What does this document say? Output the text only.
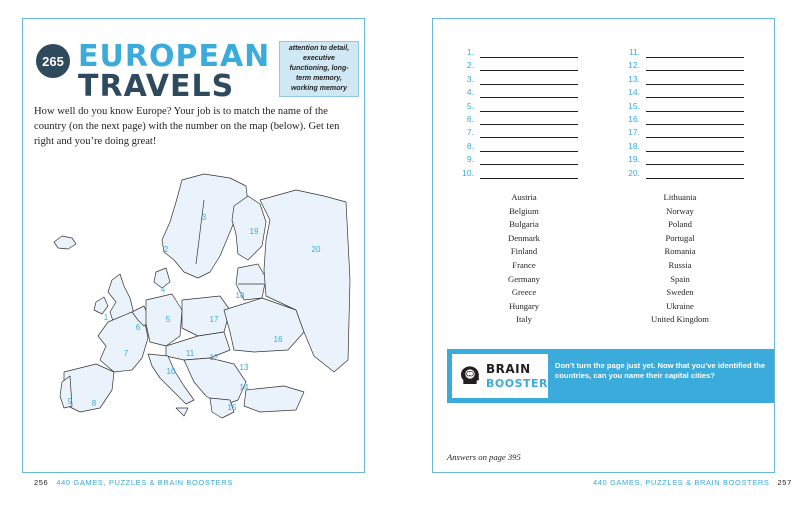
265 EUROPEAN
TRAVELS
attention to detail, executive functioning, long-term memory, working memory

How well do you know Europe? Your job is to match the name of the country (on the next page) with the number on the map (below). Get ten right and you’re doing great!

1
2
3
4
5
6
7
8
9
10
11 12
13
14
15
16
17
18
19
20
256 440 GAMES, PUZZLES & BRAIN BOOSTERS
1.
2.
3.
4.
5.
6.
7.
8.
9.
10.
11.
12.
13.
14.
15.
16.
17.
18.
19.
20.
Austria
Belgium
Bulgaria
Denmark
Finland
France
Germany
Greece
Hungary
Italy
Lithuania
Norway
Poland
Portugal
Romania
Russia
Spain
Sweden
Ukraine
United Kingdom
BRAIN
BOOSTER
Don’t turn the page just yet. Now that you’ve identified the countries, can you name their capital cities?
Answers on page 395
440 GAMES, PUZZLES & BRAIN BOOSTERS 257
